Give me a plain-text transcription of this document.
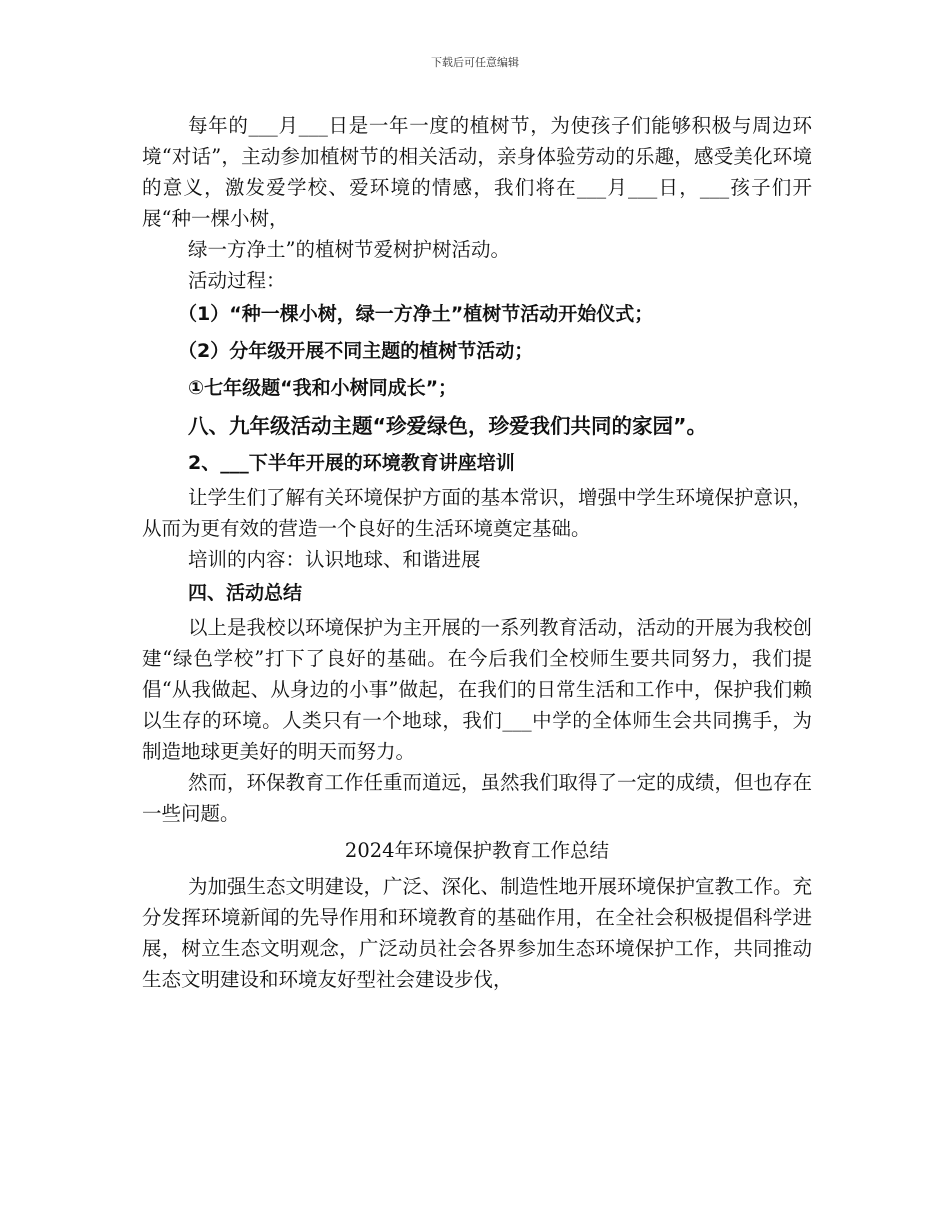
下载后可任意编辑

每年的___月___日是一年一度的植树节，为使孩子们能够积极与周边环境“对话”，主动参加植树节的相关活动，亲身体验劳动的乐趣，感受美化环境的意义，激发爱学校、爱环境的情感，我们将在___月___日，___孩子们开展“种一棵小树，

绿一方净土”的植树节爱树护树活动。

活动过程：

（1）“种一棵小树，绿一方净土”植树节活动开始仪式；

（2）分年级开展不同主题的植树节活动；

①七年级题“我和小树同成长”；

八、九年级活动主题“珍爱绿色，珍爱我们共同的家园”。

2、___下半年开展的环境教育讲座培训

让学生们了解有关环境保护方面的基本常识，增强中学生环境保护意识，从而为更有效的营造一个良好的生活环境奠定基础。

培训的内容：认识地球、和谐进展

四、活动总结

以上是我校以环境保护为主开展的一系列教育活动，活动的开展为我校创建“绿色学校”打下了良好的基础。在今后我们全校师生要共同努力，我们提倡“从我做起、从身边的小事”做起，在我们的日常生活和工作中，保护我们赖以生存的环境。人类只有一个地球，我们___中学的全体师生会共同携手，为制造地球更美好的明天而努力。

然而，环保教育工作任重而道远，虽然我们取得了一定的成绩，但也存在一些问题。

2024年环境保护教育工作总结

为加强生态文明建设，广泛、深化、制造性地开展环境保护宣教工作。充分发挥环境新闻的先导作用和环境教育的基础作用，在全社会积极提倡科学进展，树立生态文明观念，广泛动员社会各界参加生态环境保护工作，共同推动生态文明建设和环境友好型社会建设步伐，
